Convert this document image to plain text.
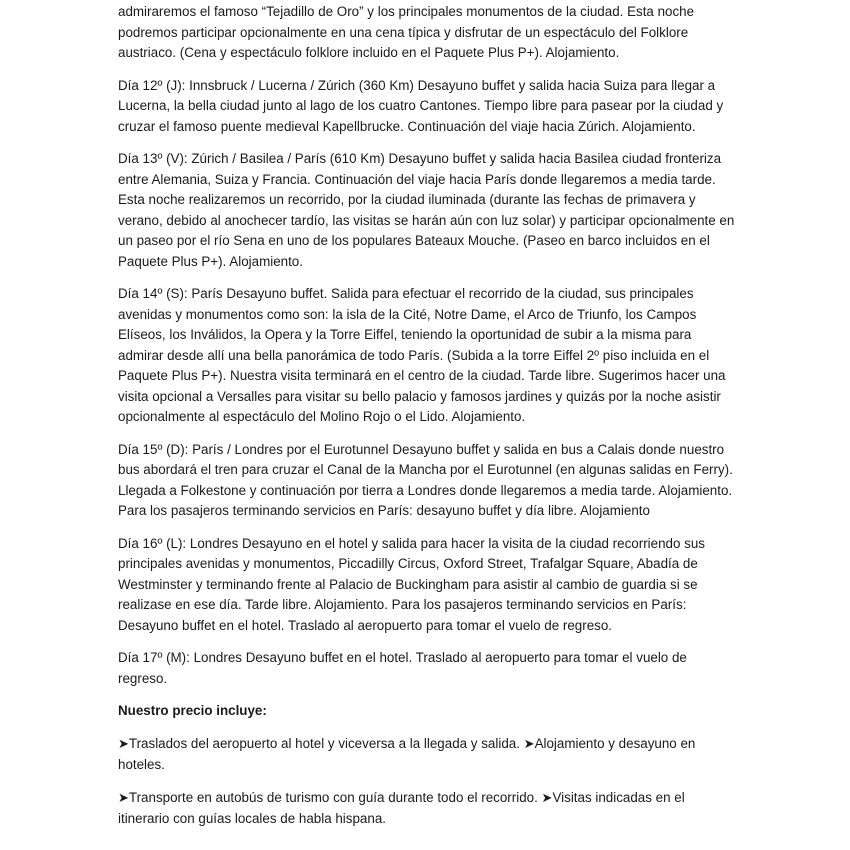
admiraremos el famoso “Tejadillo de Oro” y los principales monumentos de la ciudad. Esta noche podremos participar opcionalmente en una cena típica y disfrutar de un espectáculo del Folklore austriaco. (Cena y espectáculo folklore incluido en el Paquete Plus P+). Alojamiento.

Día 12º (J): Innsbruck / Lucerna / Zúrich (360 Km) Desayuno buffet y salida hacia Suiza para llegar a Lucerna, la bella ciudad junto al lago de los cuatro Cantones. Tiempo libre para pasear por la ciudad y cruzar el famoso puente medieval Kapellbrucke. Continuación del viaje hacia Zúrich. Alojamiento.

Día 13º (V): Zúrich / Basilea / París (610 Km) Desayuno buffet y salida hacia Basilea ciudad fronteriza entre Alemania, Suiza y Francia. Continuación del viaje hacia París donde llegaremos a media tarde. Esta noche realizaremos un recorrido, por la ciudad iluminada (durante las fechas de primavera y verano, debido al anochecer tardío, las visitas se harán aún con luz solar) y participar opcionalmente en un paseo por el río Sena en uno de los populares Bateaux Mouche. (Paseo en barco incluidos en el Paquete Plus P+). Alojamiento.

Día 14º (S): París Desayuno buffet. Salida para efectuar el recorrido de la ciudad, sus principales avenidas y monumentos como son: la isla de la Cité, Notre Dame, el Arco de Triunfo, los Campos Elíseos, los Inválidos, la Opera y la Torre Eiffel, teniendo la oportunidad de subir a la misma para admirar desde allí una bella panorámica de todo París. (Subida a la torre Eiffel 2º piso incluida en el Paquete Plus P+). Nuestra visita terminará en el centro de la ciudad. Tarde libre. Sugerimos hacer una visita opcional a Versalles para visitar su bello palacio y famosos jardines y quizás por la noche asistir opcionalmente al espectáculo del Molino Rojo o el Lido. Alojamiento.

Día 15º (D): París / Londres por el Eurotunnel Desayuno buffet y salida en bus a Calais donde nuestro bus abordará el tren para cruzar el Canal de la Mancha por el Eurotunnel (en algunas salidas en Ferry). Llegada a Folkestone y continuación por tierra a Londres donde llegaremos a media tarde. Alojamiento. Para los pasajeros terminando servicios en París: desayuno buffet y día libre. Alojamiento

Día 16º (L): Londres Desayuno en el hotel y salida para hacer la visita de la ciudad recorriendo sus principales avenidas y monumentos, Piccadilly Circus, Oxford Street, Trafalgar Square, Abadía de Westminster y terminando frente al Palacio de Buckingham para asistir al cambio de guardia si se realizase en ese día. Tarde libre. Alojamiento. Para los pasajeros terminando servicios en París: Desayuno buffet en el hotel. Traslado al aeropuerto para tomar el vuelo de regreso.

Día 17º (M): Londres Desayuno buffet en el hotel. Traslado al aeropuerto para tomar el vuelo de regreso.

Nuestro precio incluye:

➤Traslados del aeropuerto al hotel y viceversa a la llegada y salida. ➤Alojamiento y desayuno en hoteles.

➤Transporte en autobús de turismo con guía durante todo el recorrido. ➤Visitas indicadas en el itinerario con guías locales de habla hispana.
